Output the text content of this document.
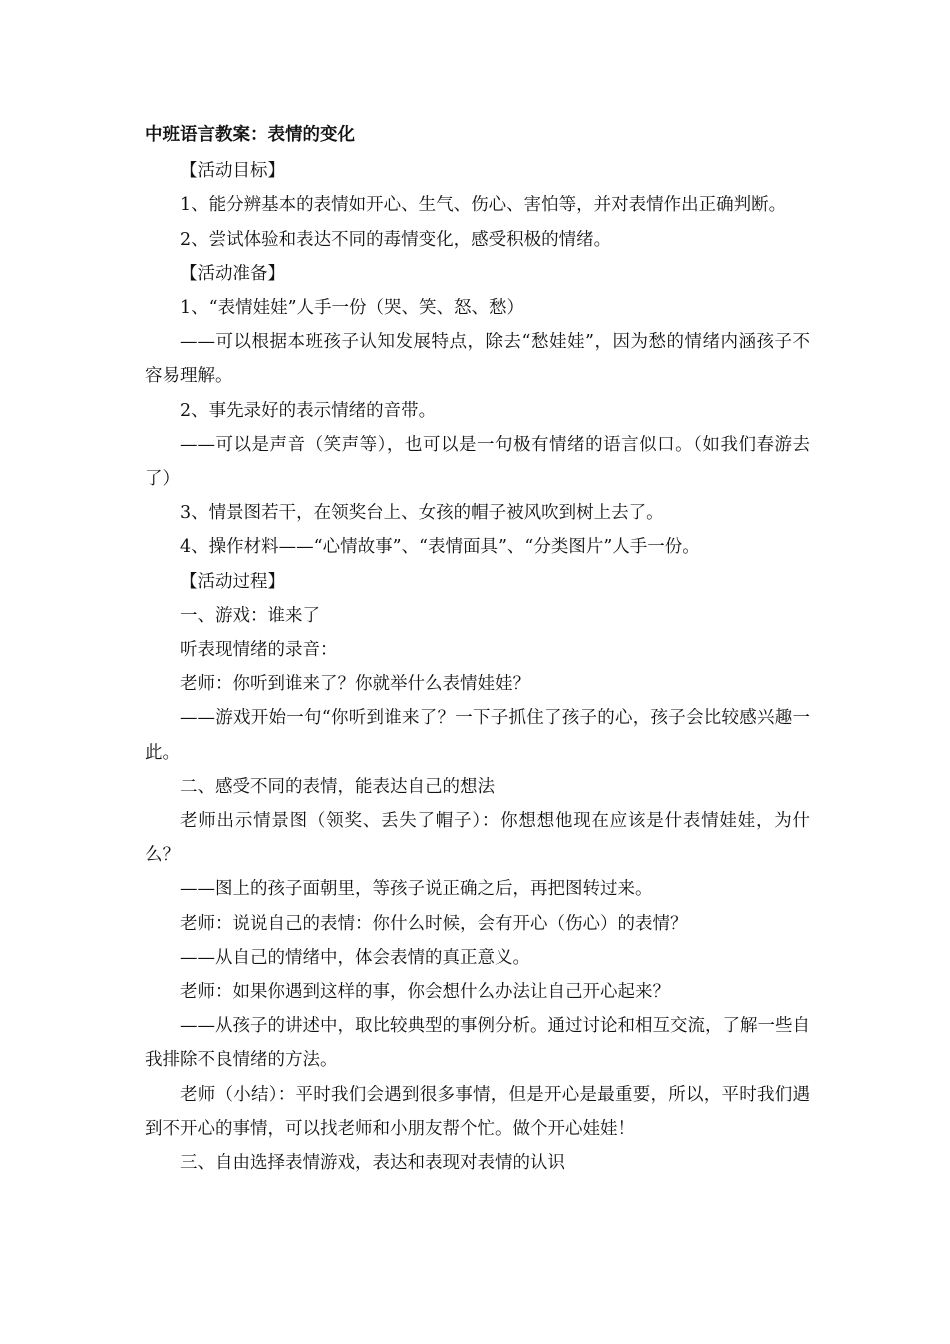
中班语言教案：表情的变化

【活动目标】

1、能分辨基本的表情如开心、生气、伤心、害怕等，并对表情作出正确判断。

2、尝试体验和表达不同的毒情变化，感受积极的情绪。

【活动准备】

1、“表情娃娃”人手一份（哭、笑、怒、愁）

——可以根据本班孩子认知发展特点，除去“愁娃娃”，因为愁的情绪内涵孩子不容易理解。

2、事先录好的表示情绪的音带。

——可以是声音（笑声等），也可以是一句极有情绪的语言似口。（如我们春游去了）

3、情景图若干，在领奖台上、女孩的帽子被风吹到树上去了。

4、操作材料——“心情故事”、“表情面具”、“分类图片”人手一份。

【活动过程】

一、游戏：谁来了

听表现情绪的录音：

老师：你听到谁来了？你就举什么表情娃娃？

——游戏开始一句“你听到谁来了？一下子抓住了孩子的心，孩子会比较感兴趣一此。

二、感受不同的表情，能表达自己的想法

老师出示情景图（领奖、丢失了帽子）：你想想他现在应该是什表情娃娃，为什么？

——图上的孩子面朝里，等孩子说正确之后，再把图转过来。

老师：说说自己的表情：你什么时候，会有开心（伤心）的表情？

——从自己的情绪中，体会表情的真正意义。

老师：如果你遇到这样的事，你会想什么办法让自己开心起来？

——从孩子的讲述中，取比较典型的事例分析。通过讨论和相互交流，了解一些自我排除不良情绪的方法。

老师（小结）：平时我们会遇到很多事情，但是开心是最重要，所以，平时我们遇到不开心的事情，可以找老师和小朋友帮个忙。做个开心娃娃！

三、自由选择表情游戏，表达和表现对表情的认识
